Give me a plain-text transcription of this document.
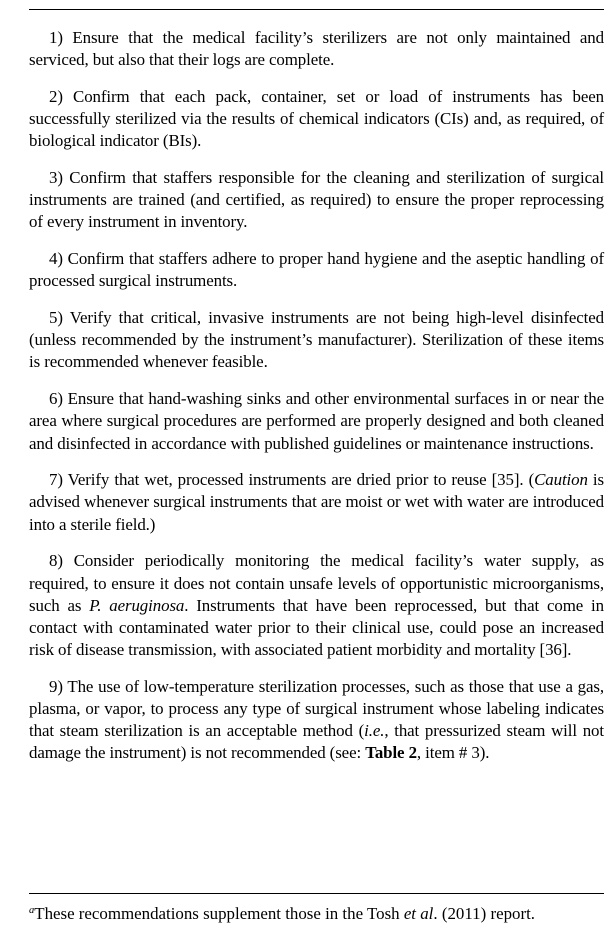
1) Ensure that the medical facility’s sterilizers are not only maintained and serviced, but also that their logs are complete.

2) Confirm that each pack, container, set or load of instruments has been successfully sterilized via the results of chemical indicators (CIs) and, as required, of biological indicator (BIs).

3) Confirm that staffers responsible for the cleaning and sterilization of surgical instruments are trained (and certified, as required) to ensure the proper reprocessing of every instrument in inventory.

4) Confirm that staffers adhere to proper hand hygiene and the aseptic handling of processed surgical instruments.

5) Verify that critical, invasive instruments are not being high-level disinfected (unless recommended by the instrument’s manufacturer). Sterilization of these items is recommended whenever feasible.

6) Ensure that hand-washing sinks and other environmental surfaces in or near the area where surgical procedures are performed are properly designed and both cleaned and disinfected in accordance with published guidelines or maintenance instructions.

7) Verify that wet, processed instruments are dried prior to reuse [35]. (Caution is advised whenever surgical instruments that are moist or wet with water are introduced into a sterile field.)

8) Consider periodically monitoring the medical facility’s water supply, as required, to ensure it does not contain unsafe levels of opportunistic microorganisms, such as P. aeruginosa. Instruments that have been reprocessed, but that come in contact with contaminated water prior to their clinical use, could pose an increased risk of disease transmission, with associated patient morbidity and mortality [36].

9) The use of low-temperature sterilization processes, such as those that use a gas, plasma, or vapor, to process any type of surgical instrument whose labeling indicates that steam sterilization is an acceptable method (i.e., that pressurized steam will not damage the instrument) is not recommended (see: Table 2, item # 3).

$^a$These recommendations supplement those in the Tosh et al. (2011) report.
